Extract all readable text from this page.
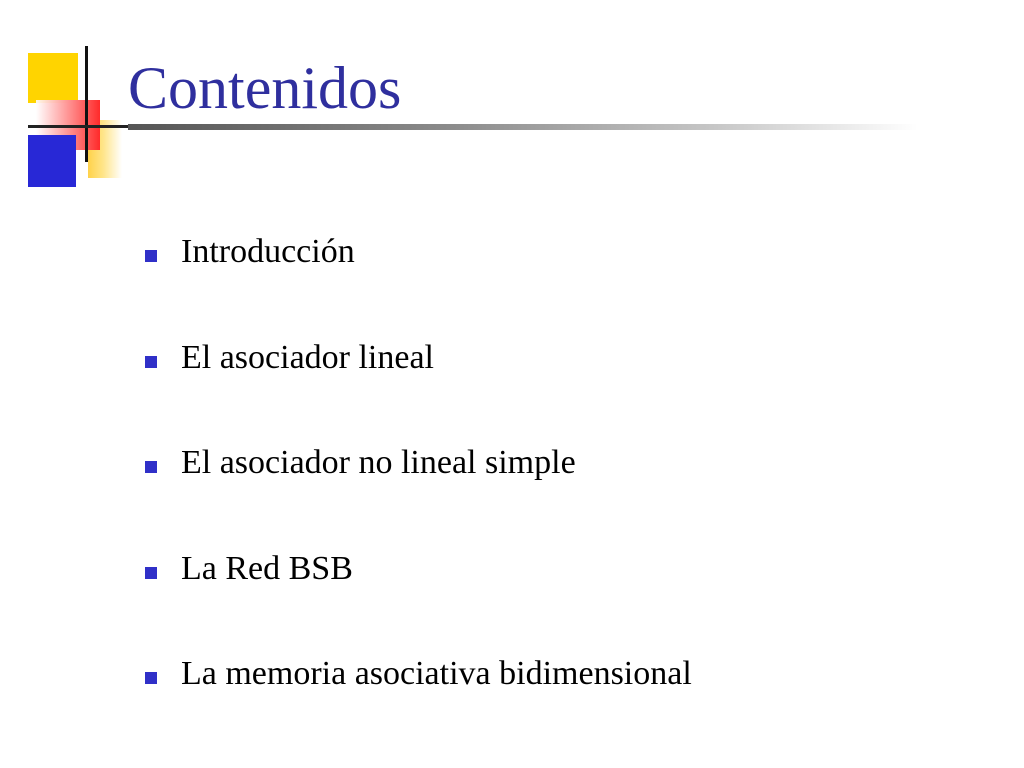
Contenidos
Introducción
El asociador lineal
El asociador no lineal simple
La Red BSB
La memoria asociativa bidimensional
